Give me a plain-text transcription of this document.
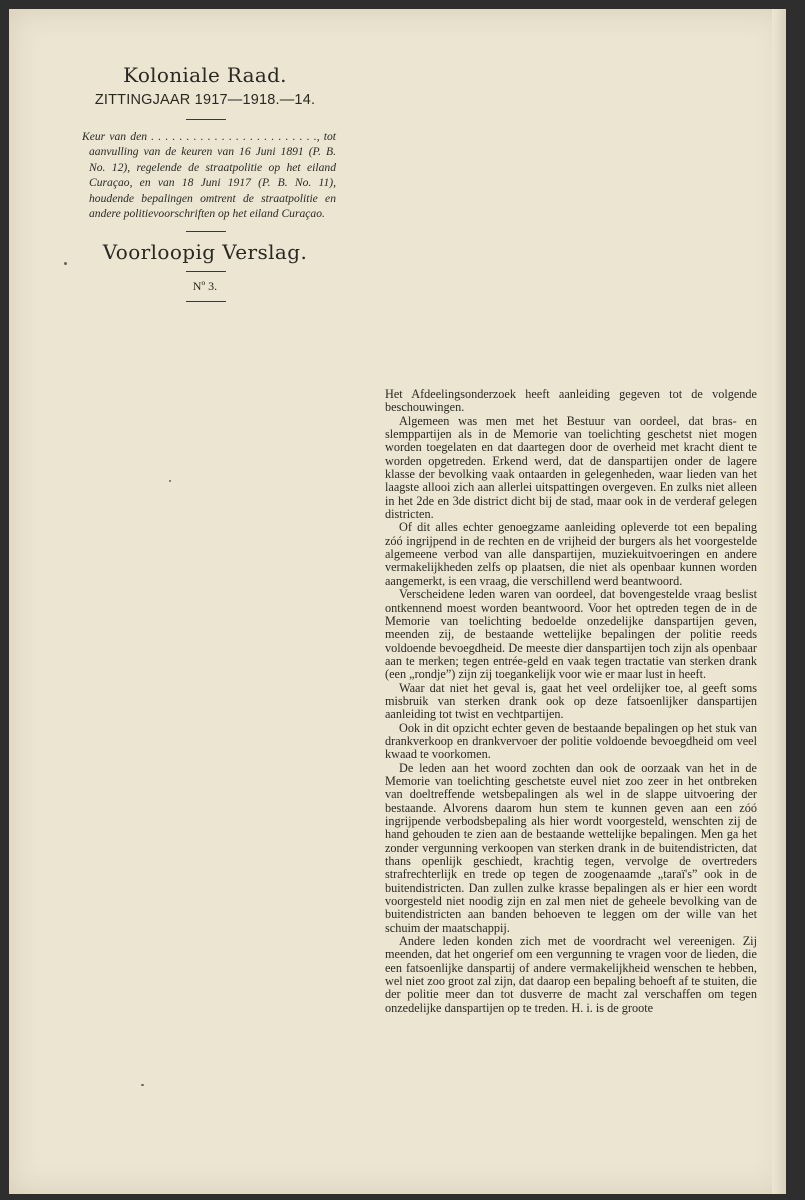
Koloniale Raad.
ZITTINGJAAR 1917—1918.—14.
Keur van den . . . . . . . . . . . . . . . . . . . . . . . ., tot aanvulling van de keuren van 16 Juni 1891 (P. B. No. 12), regelende de straatpolitie op het eiland Curaçao, en van 18 Juni 1917 (P. B. No. 11), houdende bepalingen omtrent de straatpolitie en andere politievoorschriften op het eiland Curaçao.
Voorloopig Verslag.
Nº 3.

Het Afdeelingsonderzoek heeft aanleiding gegeven tot de volgende beschouwingen.

Algemeen was men met het Bestuur van oordeel, dat bras- en slemppartijen als in de Memorie van toelichting geschetst niet mogen worden toegelaten en dat daartegen door de overheid met kracht dient te worden opgetreden. Erkend werd, dat de danspartijen onder de lagere klasse der bevolking vaak ontaarden in gelegenheden, waar lieden van het laagste allooi zich aan allerlei uitspattingen overgeven. En zulks niet alleen in het 2de en 3de district dicht bij de stad, maar ook in de verderaf gelegen districten.

Of dit alles echter genoegzame aanleiding opleverde tot een bepaling zóó ingrijpend in de rechten en de vrijheid der burgers als het voorgestelde algemeene verbod van alle danspartijen, muziekuitvoeringen en andere vermakelijkheden zelfs op plaatsen, die niet als openbaar kunnen worden aangemerkt, is een vraag, die verschillend werd beantwoord.

Verscheidene leden waren van oordeel, dat bovengestelde vraag beslist ontkennend moest worden beantwoord. Voor het optreden tegen de in de Memorie van toelichting bedoelde onzedelijke danspartijen geven, meenden zij, de bestaande wettelijke bepalingen der politie reeds voldoende bevoegdheid. De meeste dier danspartijen toch zijn als openbaar aan te merken; tegen entrée-geld en vaak tegen tractatie van sterken drank (een „rondje”) zijn zij toegankelijk voor wie er maar lust in heeft.

Waar dat niet het geval is, gaat het veel ordelijker toe, al geeft soms misbruik van sterken drank ook op deze fatsoenlijker danspartijen aanleiding tot twist en vechtpartijen.

Ook in dit opzicht echter geven de bestaande bepalingen op het stuk van drankverkoop en drankvervoer der politie voldoende bevoegdheid om veel kwaad te voorkomen.

De leden aan het woord zochten dan ook de oorzaak van het in de Memorie van toelichting geschetste euvel niet zoo zeer in het ontbreken van doeltreffende wetsbepalingen als wel in de slappe uitvoering der bestaande. Alvorens daarom hun stem te kunnen geven aan een zóó ingrijpende verbodsbepaling als hier wordt voorgesteld, wenschten zij de hand gehouden te zien aan de bestaande wettelijke bepalingen. Men ga het zonder vergunning verkoopen van sterken drank in de buitendistricten, dat thans openlijk geschiedt, krachtig tegen, vervolge de overtreders strafrechterlijk en trede op tegen de zoogenaamde „taraï's” ook in de buitendistricten. Dan zullen zulke krasse bepalingen als er hier een wordt voorgesteld niet noodig zijn en zal men niet de geheele bevolking van de buitendistricten aan banden behoeven te leggen om der wille van het schuim der maatschappij.

Andere leden konden zich met de voordracht wel vereenigen. Zij meenden, dat het ongerief om een vergunning te vragen voor de lieden, die een fatsoenlijke danspartij of andere vermakelijkheid wenschen te hebben, wel niet zoo groot zal zijn, dat daarop een bepaling behoeft af te stuiten, die der politie meer dan tot dusverre de macht zal verschaffen om tegen onzedelijke danspartijen op te treden. H. i. is de groote
